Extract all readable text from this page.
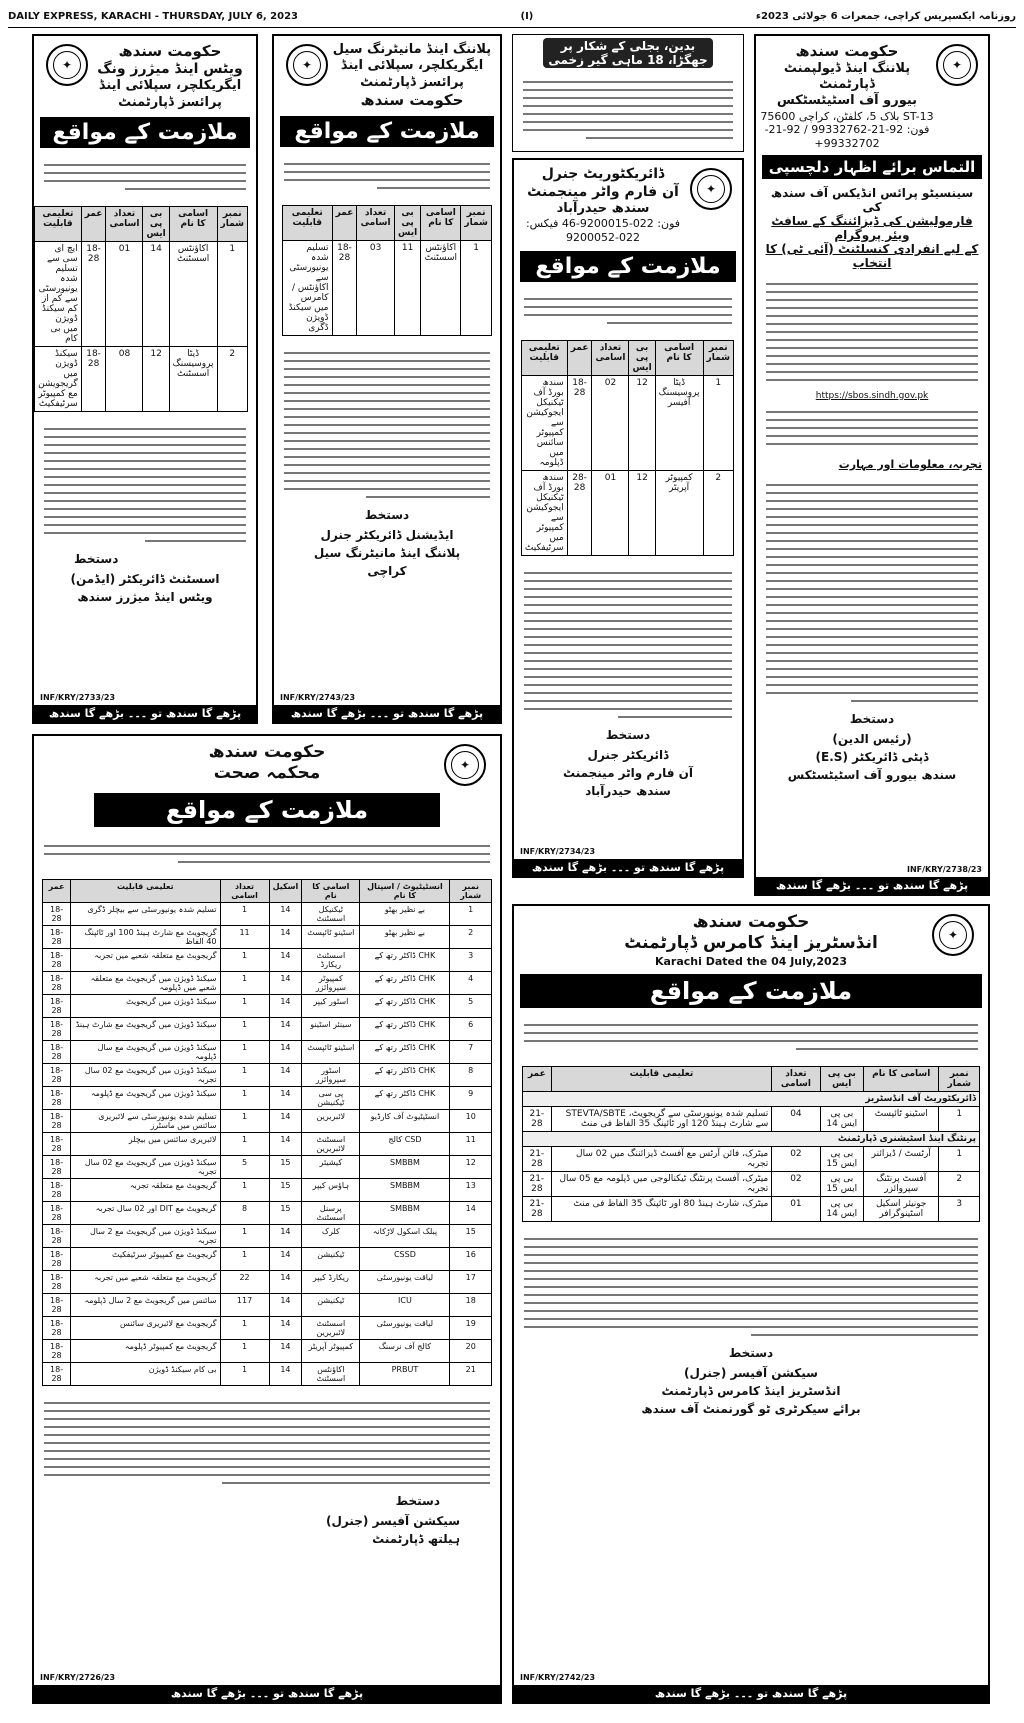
DAILY EXPRESS, KARACHI - THURSDAY, JULY 6, 2023	(I)	روزنامہ ایکسپریس کراچی، جمعرات 6 جولائی 2023ء
✦
حکومت سندھ
ویٹس اینڈ میژرز ونگ
ایگریکلچر، سپلائی اینڈ پرائسز ڈپارٹمنٹ
ملازمت کے مواقع
نمبر شمار	اسامی کا نام	بی پی ایس	تعداد اسامی	عمر	تعلیمی قابلیت
1	اکاؤنٹس اسسٹنٹ	14	01	18-28	ایچ ای سی سے تسلیم شدہ یونیورسٹی سے کم از کم سیکنڈ ڈویژن میں بی کام
2	ڈیٹا پروسیسنگ اسسٹنٹ	12	08	18-28	سیکنڈ ڈویژن میں گریجویشن مع کمپیوٹر سرٹیفکیٹ
دستخط
اسسٹنٹ ڈائریکٹر (ایڈمن)
ویٹس اینڈ میژرز سندھ
INF/KRY/2733/23
پڑھے گا سندھ تو ۔۔۔ بڑھے گا سندھ
✦
پلاننگ اینڈ مانیٹرنگ سیل
ایگریکلچر، سپلائی اینڈ پرائسز ڈپارٹمنٹ
حکومت سندھ
ملازمت کے مواقع
نمبر شمار	اسامی کا نام	بی پی ایس	تعداد اسامی	عمر	تعلیمی قابلیت
1	اکاؤنٹس اسسٹنٹ	11	03	18-28	تسلیم شدہ یونیورسٹی سے اکاؤنٹس / کامرس میں سیکنڈ ڈویژن ڈگری
دستخط
ایڈیشنل ڈائریکٹر جنرل
پلاننگ اینڈ مانیٹرنگ سیل
کراچی
INF/KRY/2743/23
پڑھے گا سندھ تو ۔۔۔ بڑھے گا سندھ
بدین، بجلی کے شکار پر جھگڑا، 18 ماہی گیر زخمی
✦
ڈائریکٹوریٹ جنرل
آن فارم واٹر مینجمنٹ
سندھ حیدرآباد
فون: 022-9200015-46 فیکس: 022-9200052
ملازمت کے مواقع
نمبر شمار	اسامی کا نام	بی پی ایس	تعداد اسامی	عمر	تعلیمی قابلیت
1	ڈیٹا پروسیسنگ آفیسر	12	02	18-28	سندھ بورڈ آف ٹیکنیکل ایجوکیشن سے کمپیوٹر سائنس میں ڈپلومہ
2	کمپیوٹر آپریٹر	12	01	28-28	سندھ بورڈ آف ٹیکنیکل ایجوکیشن سے کمپیوٹر میں سرٹیفکیٹ
دستخط
ڈائریکٹر جنرل
آن فارم واٹر مینجمنٹ
سندھ حیدرآباد
INF/KRY/2734/23
پڑھے گا سندھ تو ۔۔۔ بڑھے گا سندھ
✦
حکومت سندھ
پلاننگ اینڈ ڈیولپمنٹ ڈپارٹمنٹ
بیورو آف اسٹیٹسٹکس
ST-13 بلاک 5، کلفٹن، کراچی 75600
فون: 92-21-99332762 / 92-21-99332702+
التماس برائے اظہار دلچسپی
سینسیٹو پرائس انڈیکس آف سندھ کی
فارمولیشن کی ڈیزائننگ کے سافٹ ویئر پروگرام
کے لیے انفرادی کنسلٹنٹ (آئی ٹی) کا انتخاب
https://sbos.sindh.gov.pk
تجربہ، معلومات اور مہارت
دستخط
(رئیس الدین)
ڈپٹی ڈائریکٹر (E.S)
سندھ بیورو آف اسٹیٹسٹکس
INF/KRY/2738/23
پڑھے گا سندھ تو ۔۔۔ بڑھے گا سندھ
✦
حکومت سندھ
محکمہ صحت
ملازمت کے مواقع
نمبر شمار	انسٹیٹیوٹ / اسپتال کا نام	اسامی کا نام	اسکیل	تعداد اسامی	تعلیمی قابلیت	عمر
1	بے نظیر بھٹو	ٹیکنیکل اسسٹنٹ	14	1	تسلیم شدہ یونیورسٹی سے بیچلر ڈگری	18-28
2	بے نظیر بھٹو	اسٹینو ٹائپسٹ	14	11	گریجویٹ مع شارٹ ہینڈ 100 اور ٹائپنگ 40 الفاظ	18-28
3	CHK ڈاکٹر رتھ کے	اسسٹنٹ ریکارڈ	14	1	گریجویٹ مع متعلقہ شعبے میں تجربہ	18-28
4	CHK ڈاکٹر رتھ کے	کمپیوٹر سپروائزر	14	1	سیکنڈ ڈویژن میں گریجویٹ مع متعلقہ شعبے میں ڈپلومہ	18-28
5	CHK ڈاکٹر رتھ کے	اسٹور کیپر	14	1	سیکنڈ ڈویژن میں گریجویٹ	18-28
6	CHK ڈاکٹر رتھ کے	سینئر اسٹینو	14	1	سیکنڈ ڈویژن میں گریجویٹ مع شارٹ ہینڈ	18-28
7	CHK ڈاکٹر رتھ کے	اسٹینو ٹائپسٹ	14	1	سیکنڈ ڈویژن میں گریجویٹ مع سال ڈپلومہ	18-28
8	CHK ڈاکٹر رتھ کے	اسٹور سپروائزر	14	1	سیکنڈ ڈویژن میں گریجویٹ مع 02 سال تجربہ	18-28
9	CHK ڈاکٹر رتھ کے	پی سی ٹیکنیشن	14	1	سیکنڈ ڈویژن میں گریجویٹ مع ڈپلومہ	18-28
10	انسٹیٹیوٹ آف کارڈیو	لائبریرین	14	1	تسلیم شدہ یونیورسٹی سے لائبریری سائنس میں ماسٹرز	18-28
11	CSD کالج	اسسٹنٹ لائبریرین	14	1	لائبریری سائنس میں بیچلر	18-28
12	SMBBM	کیشیئر	15	5	سیکنڈ ڈویژن میں گریجویٹ مع 02 سال تجربہ	18-28
13	SMBBM	ہاؤس کیپر	15	1	گریجویٹ مع متعلقہ تجربہ	18-28
14	SMBBM	پرسنل اسسٹنٹ	15	8	گریجویٹ مع DIT اور 02 سال تجربہ	18-28
15	پبلک اسکول لاڑکانہ	کلرک	14	1	سیکنڈ ڈویژن میں گریجویٹ مع 2 سال تجربہ	18-28
16	CSSD	ٹیکنیشن	14	1	گریجویٹ مع کمپیوٹر سرٹیفکیٹ	18-28
17	لیاقت یونیورسٹی	ریکارڈ کیپر	14	22	گریجویٹ مع متعلقہ شعبے میں تجربہ	18-28
18	ICU	ٹیکنیشن	14	117	سائنس میں گریجویٹ مع 2 سال ڈپلومہ	18-28
19	لیاقت یونیورسٹی	اسسٹنٹ لائبریرین	14	1	گریجویٹ مع لائبریری سائنس	18-28
20	کالج آف نرسنگ	کمپیوٹر آپریٹر	14	1	گریجویٹ مع کمپیوٹر ڈپلومہ	18-28
21	PRBUT	اکاؤنٹس اسسٹنٹ	14	1	بی کام سیکنڈ ڈویژن	18-28
دستخط
سیکشن آفیسر (جنرل)
ہیلتھ ڈپارٹمنٹ
INF/KRY/2726/23
پڑھے گا سندھ تو ۔۔۔ بڑھے گا سندھ
✦
حکومت سندھ
انڈسٹریز اینڈ کامرس ڈپارٹمنٹ
Karachi Dated the 04 July,2023
ملازمت کے مواقع
نمبر شمار	اسامی کا نام	بی پی ایس	تعداد اسامی	تعلیمی قابلیت	عمر
ڈائریکٹوریٹ آف انڈسٹریز					
1	اسٹینو ٹائپسٹ	بی پی ایس 14	04	تسلیم شدہ یونیورسٹی سے گریجویٹ، STEVTA/SBTE سے شارٹ ہینڈ 120 اور ٹائپنگ 35 الفاظ فی منٹ	21-28
پرنٹنگ اینڈ اسٹیشنری ڈپارٹمنٹ					
1	آرٹسٹ / ڈیزائنر	بی پی ایس 15	02	میٹرک، فائن آرٹس مع آفسٹ ڈیزائننگ میں 02 سال تجربہ	21-28
2	آفسٹ پرنٹنگ سپروائزر	بی پی ایس 15	02	میٹرک، آفسٹ پرنٹنگ ٹیکنالوجی میں ڈپلومہ مع 05 سال تجربہ	21-28
3	جونیئر اسکیل اسٹینوگرافر	بی پی ایس 14	01	میٹرک، شارٹ ہینڈ 80 اور ٹائپنگ 35 الفاظ فی منٹ	21-28
دستخط
سیکشن آفیسر (جنرل)
انڈسٹریز اینڈ کامرس ڈپارٹمنٹ
برائے سیکرٹری ٹو گورنمنٹ آف سندھ
INF/KRY/2742/23
پڑھے گا سندھ تو ۔۔۔ بڑھے گا سندھ
